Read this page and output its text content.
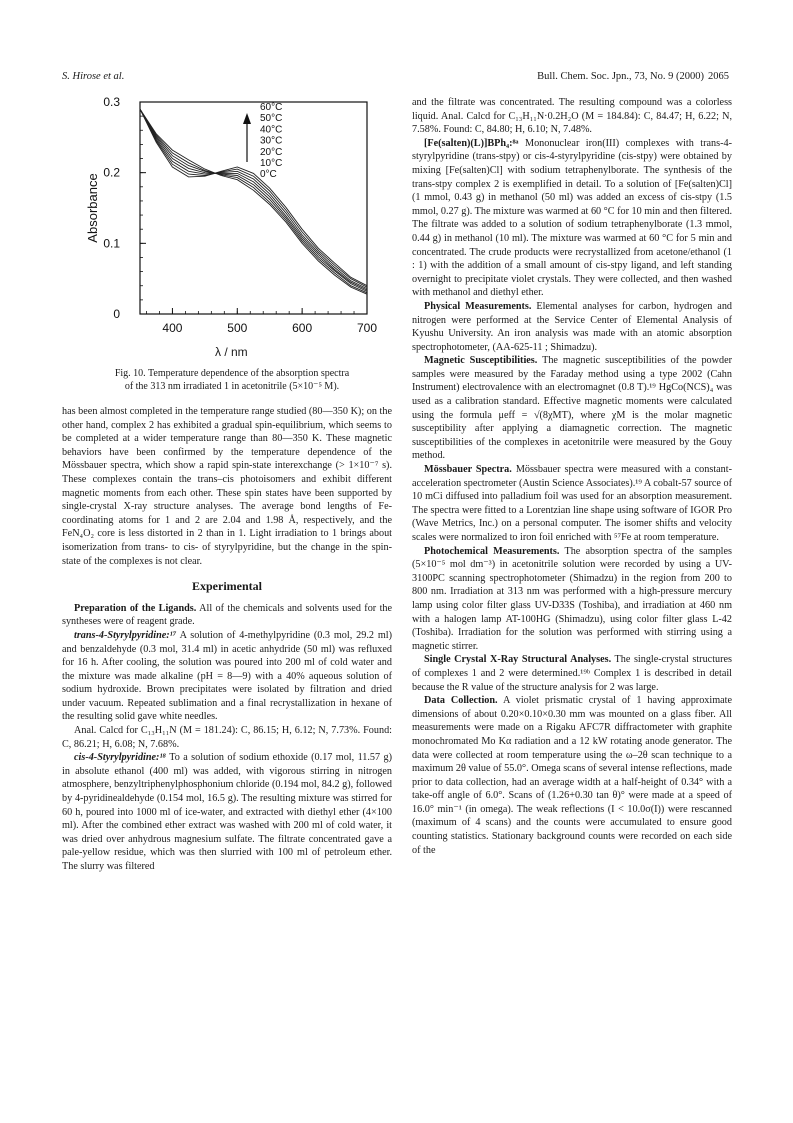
S. Hirose et al.	Bull. Chem. Soc. Jpn., 73, No. 9 (2000) 2065
400	500	600	700
0
0.1
0.2
0.3
Absorbance
60°C
50°C
40°C
30°C
20°C
10°C
0°C
λ / nm
Fig. 10. Temperature dependence of the absorption spectra
of the 313 nm irradiated 1 in acetonitrile (5×10⁻⁵ M).

has been almost completed in the temperature range studied (80—350 K); on the other hand, complex 2 has exhibited a gradual spin-equilibrium, which seems to be completed at a wider temperature range than 80—350 K. These magnetic behaviors have been confirmed by the temperature dependence of the Mössbauer spectra, which show a rapid spin-state interexchange (> 1×10⁻⁷ s). These complexes contain the trans–cis photoisomers and exhibit different magnetic moments from each other. These spin states have been supported by single-crystal X-ray structure analyses. The average bond lengths of Fe-coordinating atoms for 1 and 2 are 2.04 and 1.98 Å, respectively, and the FeN₄O₂ core is less distorted in 2 than in 1. Light irradiation to 1 brings about isomerization from trans- to cis- of styrylpyridine, but the change in the spin-state of the complexes is not clear.

Experimental

Preparation of the Ligands. All of the chemicals and solvents used for the syntheses were of reagent grade.

trans-4-Styrylpyridine:¹⁷ A solution of 4-methylpyridine (0.3 mol, 29.2 ml) and benzaldehyde (0.3 mol, 31.4 ml) in acetic anhydride (50 ml) was refluxed for 16 h. After cooling, the solution was poured into 200 ml of cold water and the mixture was made alkaline (pH = 8—9) with a 40% aqueous solution of sodium hydroxide. Brown precipitates were isolated by filtration and dried under vacuum. Repeated sublimation and a final recrystallization in hexane of the resulting solid gave white needles.

Anal. Calcd for C₁₃H₁₁N (M = 181.24): C, 86.15; H, 6.12; N, 7.73%. Found: C, 86.21; H, 6.08; N, 7.68%.

cis-4-Styrylpyridine:¹⁸ To a solution of sodium ethoxide (0.17 mol, 11.57 g) in absolute ethanol (400 ml) was added, with vigorous stirring in nitrogen atmosphere, benzyltriphenylphosphonium chloride (0.194 mol, 84.2 g), followed by 4-pyridinealdehyde (0.154 mol, 16.5 g). The resulting mixture was stirred for 60 h, poured into 1000 ml of ice-water, and extracted with diethyl ether (4×100 ml). After the combined ether extract was washed with 200 ml of cold water, it was dried over anhydrous magnesium sulfate. The filtrate concentrated gave a pale-yellow residue, which was then slurried with 100 ml of petroleum ether. The slurry was filtered

and the filtrate was concentrated. The resulting compound was a colorless liquid. Anal. Calcd for C₁₃H₁₁N·0.2H₂O (M = 184.84): C, 84.47; H, 6.22; N, 7.58%. Found: C, 84.80; H, 6.10; N, 7.48%.

[Fe(salten)(L)]BPh₄:⁸ᵃ Mononuclear iron(III) complexes with trans-4-styrylpyridine (trans-stpy) or cis-4-styrylpyridine (cis-stpy) were obtained by mixing [Fe(salten)Cl] with sodium tetraphenylborate. The synthesis of the trans-stpy complex 2 is exemplified in detail. To a solution of [Fe(salten)Cl] (1 mmol, 0.43 g) in methanol (50 ml) was added an excess of cis-stpy (1.5 mmol, 0.27 g). The mixture was warmed at 60 °C for 10 min and then filtered. The filtrate was added to a solution of sodium tetraphenylborate (1.3 mmol, 0.44 g) in methanol (10 ml). The mixture was warmed at 60 °C for 5 min and concentrated. The crude products were recrystallized from acetone/ethanol (1 : 1) with the addition of a small amount of cis-stpy ligand, and left standing overnight to precipitate violet crystals. They were collected, and then washed with methanol and diethyl ether.

Physical Measurements. Elemental analyses for carbon, hydrogen and nitrogen were performed at the Service Center of Elemental Analysis of Kyushu University. An iron analysis was made with an atomic absorption spectrophotometer, (AA-625-11 ; Shimadzu).

Magnetic Susceptibilities. The magnetic susceptibilities of the powder samples were measured by the Faraday method using a type 2002 (Cahn Instrument) electrovalence with an electromagnet (0.8 T).¹⁹ HgCo(NCS)₄ was used as a calibration standard. Effective magnetic moments were calculated using the formula μeff = √(8χMT), where χM is the molar magnetic susceptibility after applying a diamagnetic correction. The magnetic susceptibilities of the complexes in acetonitrile were measured by the Gouy method.

Mössbauer Spectra. Mössbauer spectra were measured with a constant-acceleration spectrometer (Austin Science Associates).¹⁹ A cobalt-57 source of 10 mCi diffused into palladium foil was used for an absorption measurement. The spectra were fitted to a Lorentzian line shape using software of IGOR Pro (Wave Metrics, Inc.) on a personal computer. The isomer shifts and velocity scales were normalized to iron foil enriched with ⁵⁷Fe at room temperature.

Photochemical Measurements. The absorption spectra of the samples (5×10⁻⁵ mol dm⁻³) in acetonitrile solution were recorded by using a UV-3100PC scanning spectrophotometer (Shimadzu) in the region from 200 to 800 nm. Irradiation at 313 nm was performed with a high-pressure mercury lamp using color filter glass UV-D33S (Toshiba), and irradiation at 460 nm with a halogen lamp AT-100HG (Shimadzu), using color filter glass L-42 (Toshiba). Irradiation for the solution was performed with stirring using a magnetic stirrer.

Single Crystal X-Ray Structural Analyses. The single-crystal structures of complexes 1 and 2 were determined.¹⁹ᵇ Complex 1 is described in detail because the R value of the structure analysis for 2 was large.

Data Collection. A violet prismatic crystal of 1 having approximate dimensions of about 0.20×0.10×0.30 mm was mounted on a glass fiber. All measurements were made on a Rigaku AFC7R diffractometer with graphite monochromated Mo Kα radiation and a 12 kW rotating anode generator. The data were collected at room temperature using the ω–2θ scan technique to a maximum 2θ value of 55.0°. Omega scans of several intense reflections, made prior to data collection, had an average width at a half-height of 0.34° with a take-off angle of 6.0°. Scans of (1.26+0.30 tan θ)° were made at a speed of 16.0° min⁻¹ (in omega). The weak reflections (I < 10.0σ(I)) were rescanned (maximum of 4 scans) and the counts were accumulated to ensure good counting statistics. Stationary background counts were recorded on each side of the
